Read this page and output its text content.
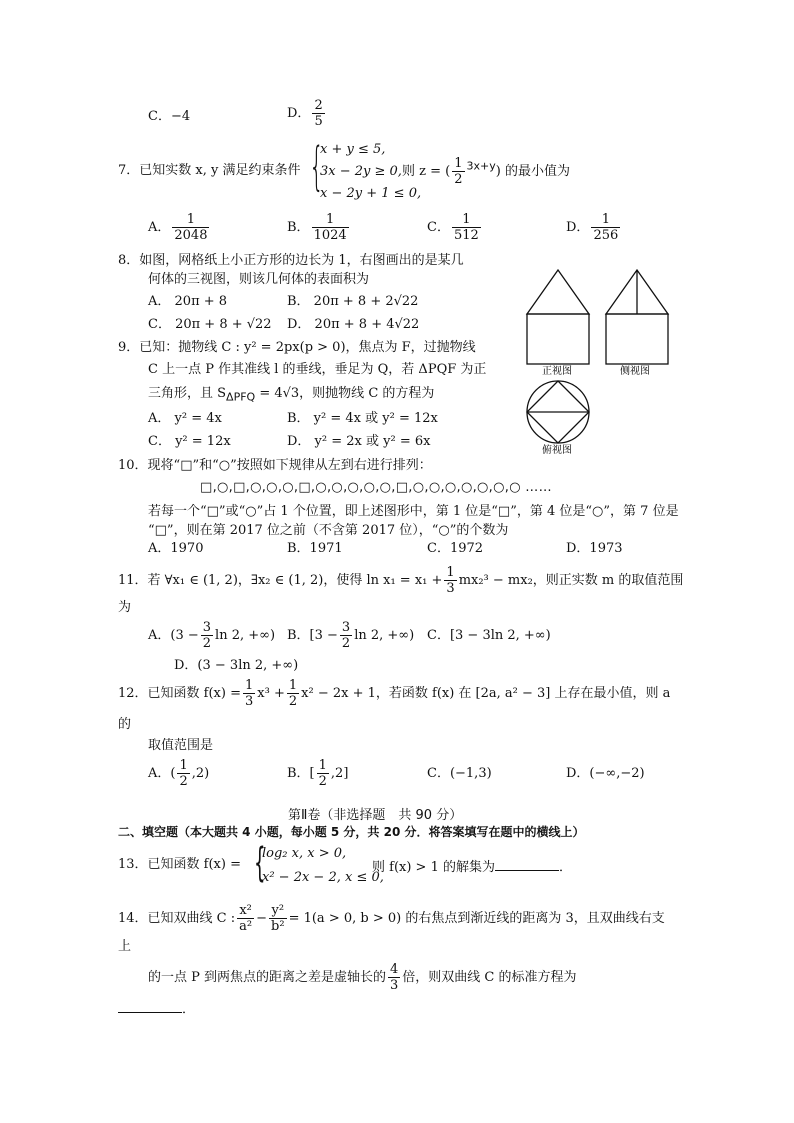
C．−4	D． $\frac{2}{5}$
7．已知实数 x, y 满足约束条件 {
x + y ≤ 5,
3x − 2y ≥ 0,
x − 2y + 1 ≤ 0,
则 z = ( $\frac{1}{2} ^{3x+y}$) 的最小值为
A． $\frac{1}{2048}$	B． $\frac{1}{1024}$	C． $\frac{1}{512}$	D． $\frac{1}{256}$
8．如图，网格纸上小正方形的边长为 1，右图画出的是某几
何体的三视图，则该几何体的表面积为
A． 20π + 8	B． 20π + 8 + 2√22
C． 20π + 8 + √22 D． 20π + 8 + 4√22
9．已知：抛物线 C : y² = 2px(p > 0)，焦点为 F，过抛物线
C 上一点 P 作其准线 l 的垂线，垂足为 Q，若 ΔPQF 为正
三角形，且 $S_{\Delta PFQ} = 4√3$，则抛物线 C 的方程为
A． y² = 4x	B． y² = 4x 或 y² = 12x
C． y² = 12x	D． y² = 2x 或 y² = 6x
正视图	侧视图
俯视图
10．现将“□”和“○”按照如下规律从左到右进行排列：
□,○,□,○,○,○,□,○,○,○,○,○,□,○,○,○,○,○,○,○ ……
若每一个“□”或“○”占 1 个位置，即上述图形中，第 1 位是“□”，第 4 位是“○”，第 7 位是
“□”，则在第 2017 位之前（不含第 2017 位），“○”的个数为
A．1970	B．1971	C．1972	D．1973
11．若 ∀x₁ ∈ (1, 2)，∃x₂ ∈ (1, 2)，使得 $\ln x_1 = x_1 + \frac{1}{3} mx_2^3 - mx_2$，则正实数 m 的取值范围
为
A．($3 - \frac{3}{2}$ ln 2, +∞) B．[$3 - \frac{3}{2}$ ln 2, +∞) C．[3 − 3ln 2, +∞)
D．(3 − 3ln 2, +∞)
12．已知函数 $f(x) = \frac{1}{3} x^3 + \frac{1}{2} x^2 - 2x + 1$，若函数 f(x) 在 [2a, a² − 3] 上存在最小值，则 a
的
取值范围是
A．( $\frac{1}{2} ,2$)	B．[ $\frac{1}{2} ,2$]	C．(−1,3)	D．(−∞,−2)
第Ⅱ卷（非选择题　共 90 分）
二、填空题（本大题共 4 小题，每小题 5 分，共 20 分．将答案填写在题中的横线上）
13．已知函数 f(x) = {
log₂ x, x > 0,
x² − 2x − 2, x ≤ 0,
则 f(x) > 1 的解集为	．
14．已知双曲线 C : $\frac{\text{x²}}{\text{a²}} - \frac{\text{y²}}{\text{b²}} = 1(a > 0$, b > 0) 的右焦点到渐近线的距离为 3，且双曲线右支
上
的一点 P 到两焦点的距离之差是虚轴长的 $\frac{4}{3}$ 倍，则双曲线 C 的标准方程为
．
